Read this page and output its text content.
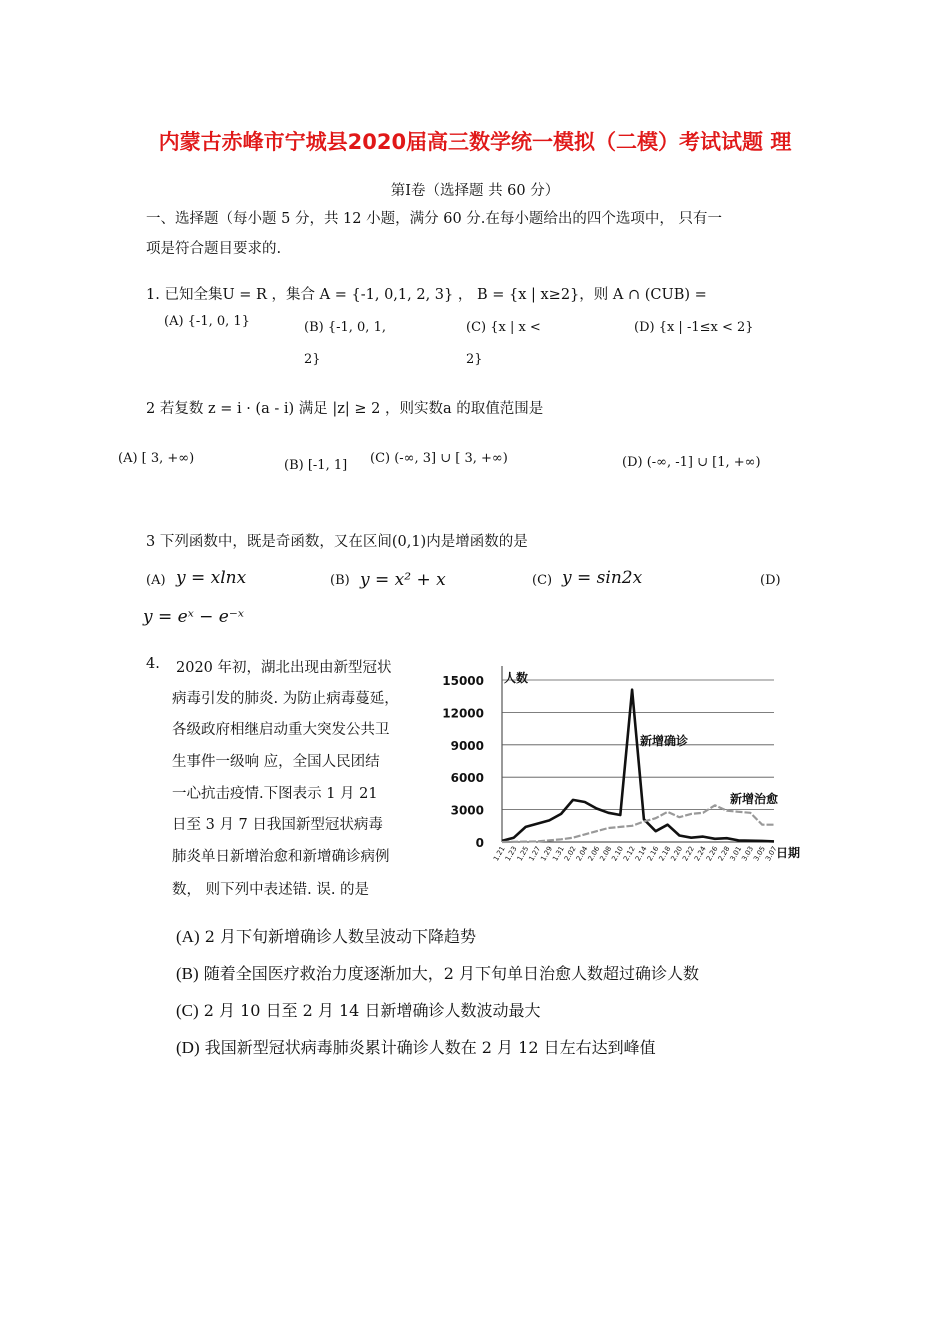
内蒙古赤峰市宁城县2020届高三数学统一模拟（二模）考试试题 理
第Ⅰ卷（选择题 共 60 分）
一、选择题（每小题 5 分，共 12 小题，满分 60 分.在每小题给出的四个选项中， 只有一
项是符合题目要求的.
1. 已知全集U = R ，集合 A = {-1, 0,1, 2, 3} ， B = {x | x≥2}，则 A ∩ (CUB) =
(A) {-1, 0, 1}	(B) {-1, 0, 1,
2}
(C) {x | x <
2}
(D) {x | -1≤x < 2}
2 若复数 z = i · (a - i) 满足 |z| ≥ 2 ，则实数a 的取值范围是
(A) [ 3, +∞)	(B) [-1, 1] (C) (-∞, 3] ∪ [ 3, +∞)	(D) (-∞, -1] ∪ [1, +∞)
3 下列函数中，既是奇函数，又在区间(0,1)内是增函数的是
(A) y = xlnx	(B) y = x² + x	(C) y = sin2x	(D)
y = eˣ − e⁻ˣ
4. 2020 年初，湖北出现由新型冠状
病毒引发的肺炎. 为防止病毒蔓延，
各级政府相继启动重大突发公共卫
生事件一级响 应，全国人民团结
一心抗击疫情.下图表示 1 月 21
日至 3 月 7 日我国新型冠状病毒
肺炎单日新增治愈和新增确诊病例
数， 则下列中表述错. 误. 的是
15000
12000
9000
6000
3000
0
1.21
1.23
1.25
1.27
1.29
1.31
2.02
2.04
2.06
2.08
2.10
2.12
2.14
2.16
2.18
2.20
2.22
2.24
2.26
2.28
3.01
3.03
3.05
3.07
新增确诊
新增治愈
人数
日期
(A) 2 月下旬新增确诊人数呈波动下降趋势
(B) 随着全国医疗救治力度逐渐加大，2 月下旬单日治愈人数超过确诊人数
(C) 2 月 10 日至 2 月 14 日新增确诊人数波动最大
(D) 我国新型冠状病毒肺炎累计确诊人数在 2 月 12 日左右达到峰值
